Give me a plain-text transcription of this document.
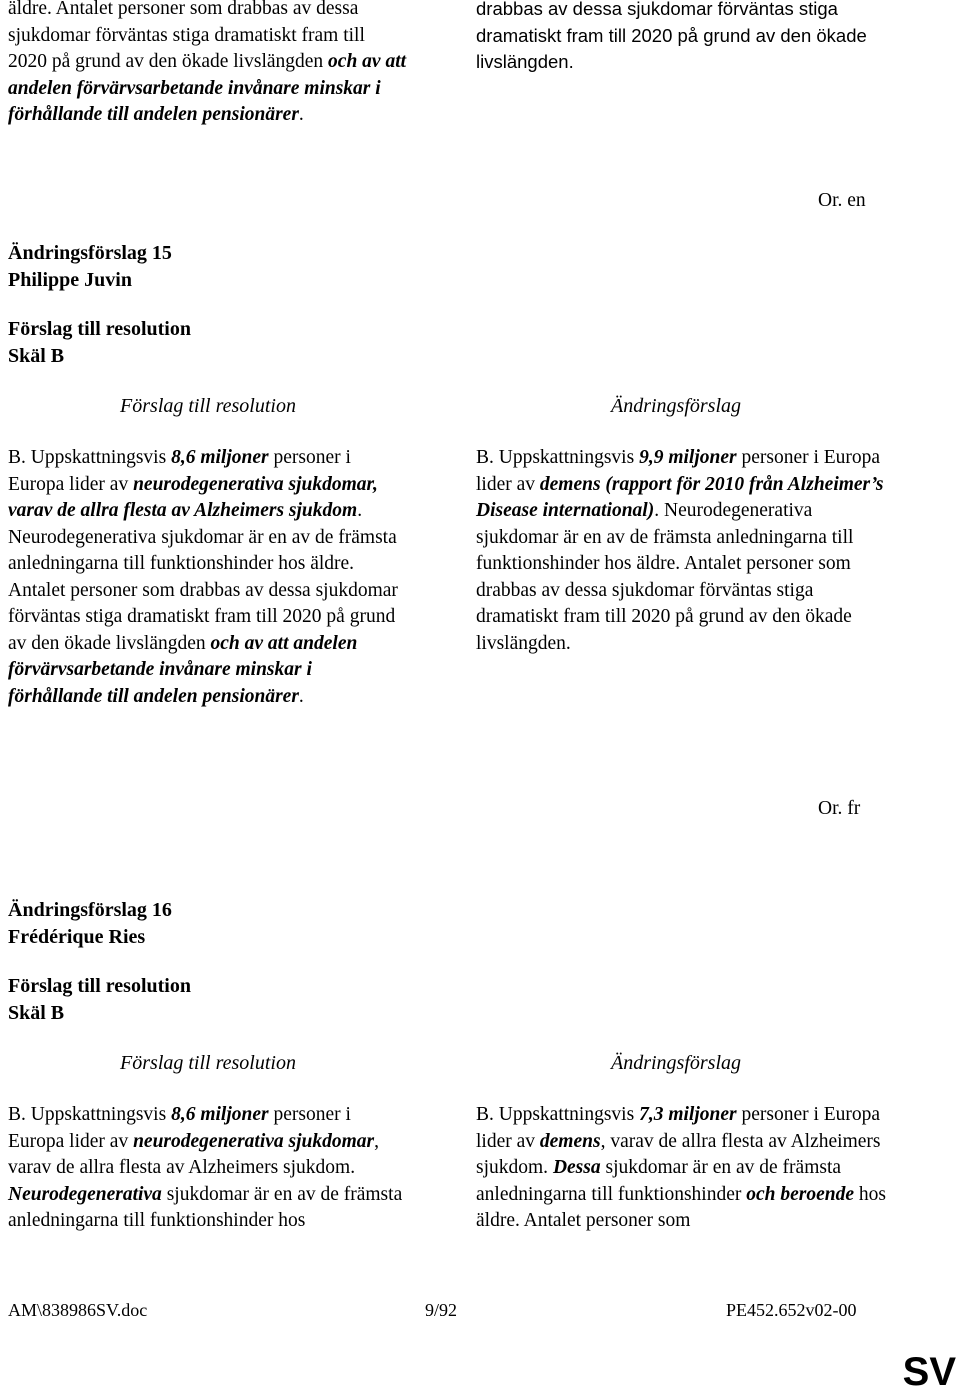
äldre. Antalet personer som drabbas av dessa sjukdomar förväntas stiga dramatiskt fram till 2020 på grund av den ökade livslängden och av att andelen förvärvsarbetande invånare minskar i förhållande till andelen pensionärer.

drabbas av dessa sjukdomar förväntas stiga dramatiskt fram till 2020 på grund av den ökade livslängden.

Or. en
Ändringsförslag 15
Philippe Juvin
Förslag till resolution
Skäl B
Förslag till resolution	Ändringsförslag

B. Uppskattningsvis 8,6 miljoner personer i Europa lider av neurodegenerativa sjukdomar, varav de allra flesta av Alzheimers sjukdom. Neurodegenerativa sjukdomar är en av de främsta anledningarna till funktionshinder hos äldre. Antalet personer som drabbas av dessa sjukdomar förväntas stiga dramatiskt fram till 2020 på grund av den ökade livslängden och av att andelen förvärvsarbetande invånare minskar i förhållande till andelen pensionärer.

B. Uppskattningsvis 9,9 miljoner personer i Europa lider av demens (rapport för 2010 från Alzheimer’s Disease international). Neurodegenerativa sjukdomar är en av de främsta anledningarna till funktionshinder hos äldre. Antalet personer som drabbas av dessa sjukdomar förväntas stiga dramatiskt fram till 2020 på grund av den ökade livslängden.

Or. fr
Ändringsförslag 16
Frédérique Ries
Förslag till resolution
Skäl B
Förslag till resolution	Ändringsförslag

B. Uppskattningsvis 8,6 miljoner personer i Europa lider av neurodegenerativa sjukdomar, varav de allra flesta av Alzheimers sjukdom. Neurodegenerativa sjukdomar är en av de främsta anledningarna till funktionshinder hos

B. Uppskattningsvis 7,3 miljoner personer i Europa lider av demens, varav de allra flesta av Alzheimers sjukdom. Dessa sjukdomar är en av de främsta anledningarna till funktionshinder och beroende hos äldre. Antalet personer som

AM\838986SV.doc	9/92	PE452.652v02-00
SV
